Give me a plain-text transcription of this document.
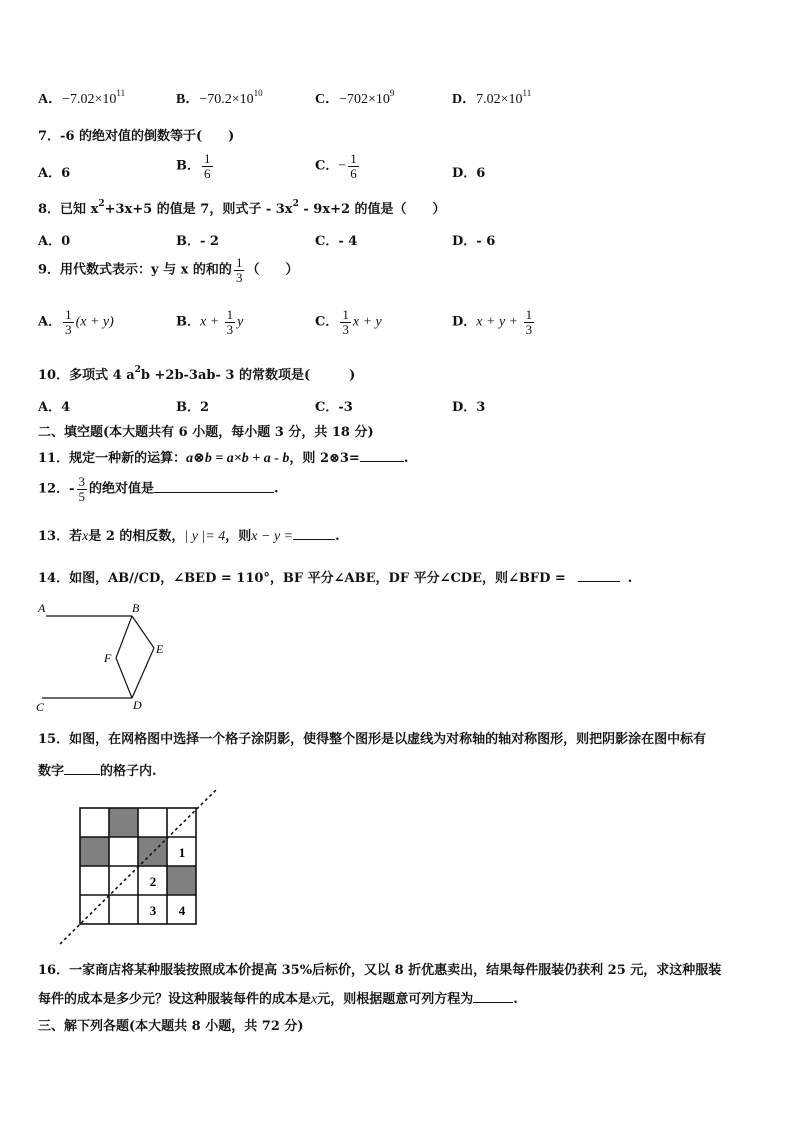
A．$-7.02\times 10^{11}$	B．$-70.2\times 10^{10}$	C．$-702\times 10^9$	D．$7.02\times 10^{11}$
7．-6 的绝对值的倒数等于(　　)
A．6	B． $\frac{1}{6}$	C．− $\frac{1}{6}$	D．6
8．已知 $x^2+3x+5$ 的值是 7，则式子 - $3x^2 - 9x+2$ 的值是（　　）
A．0	B．- 2	C．- 4	D．- 6
9．用代数式表示：y 与 x 的和的 $\frac{1}{3}$ （　　）
A． $\frac{1}{3} (x + y)$	B．$x + \frac{1}{3}$ y	C． $\frac{1}{3}$ x + y	D．$x + y + \frac{1}{3}$
10．多项式 4 $a^2b +2b-3ab-$ 3 的常数项是(　　　)
A．4	B．2	C．-3	D．3
二、填空题(本大题共有 6 小题，每小题 3 分，共 18 分)
11．规定一种新的运算：a⊗b = a×b + a - b，则 2⊗3=	.
12．- $\frac{3}{5}$ 的绝对值是	.
13．若x是 2 的相反数，| y |= 4，则x − y =	.
14．如图，AB//CD，∠BED = 110°，BF 平分∠ABE，DF 平分∠CDE，则∠BFD =	.
A	B
C	D
E
F
15．如图，在网格图中选择一个格子涂阴影，使得整个图形是以虚线为对称轴的轴对称图形，则把阴影涂在图中标有
数字	的格子内.
1
2
3 4
16．一家商店将某种服装按照成本价提高 35%后标价，又以 8 折优惠卖出，结果每件服装仍获利 25 元，求这种服装
每件的成本是多少元？设这种服装每件的成本是x元，则根据题意可列方程为	.
三、解下列各题(本大题共 8 小题，共 72 分)
